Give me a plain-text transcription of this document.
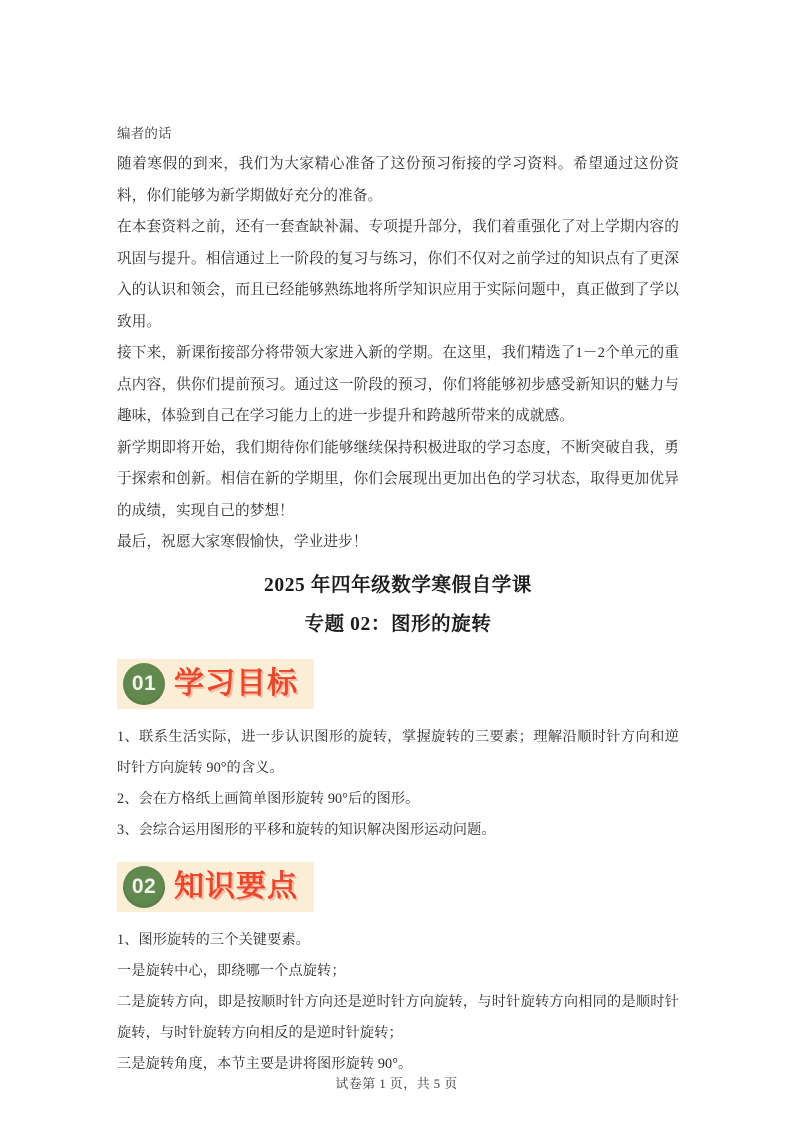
编者的话
随着寒假的到来，我们为大家精心准备了这份预习衔接的学习资料。希望通过这份资料，你们能够为新学期做好充分的准备。
在本套资料之前，还有一套查缺补漏、专项提升部分，我们着重强化了对上学期内容的巩固与提升。相信通过上一阶段的复习与练习，你们不仅对之前学过的知识点有了更深入的认识和领会，而且已经能够熟练地将所学知识应用于实际问题中，真正做到了学以致用。
接下来，新课衔接部分将带领大家进入新的学期。在这里，我们精选了1－2个单元的重点内容，供你们提前预习。通过这一阶段的预习，你们将能够初步感受新知识的魅力与趣味，体验到自己在学习能力上的进一步提升和跨越所带来的成就感。
新学期即将开始，我们期待你们能够继续保持积极进取的学习态度，不断突破自我，勇于探索和创新。相信在新的学期里，你们会展现出更加出色的学习状态，取得更加优异的成绩，实现自己的梦想！
最后，祝愿大家寒假愉快，学业进步！
2025 年四年级数学寒假自学课
专题 02：图形的旋转
01 学习目标
1、联系生活实际，进一步认识图形的旋转，掌握旋转的三要素；理解沿顺时针方向和逆时针方向旋转 90°的含义。
2、会在方格纸上画简单图形旋转 90°后的图形。
3、会综合运用图形的平移和旋转的知识解决图形运动问题。
02 知识要点
1、图形旋转的三个关键要素。
一是旋转中心，即绕哪一个点旋转；
二是旋转方向，即是按顺时针方向还是逆时针方向旋转，与时针旋转方向相同的是顺时针旋转，与时针旋转方向相反的是逆时针旋转；
三是旋转角度，本节主要是讲将图形旋转 90°。
试卷第 1 页，共 5 页
